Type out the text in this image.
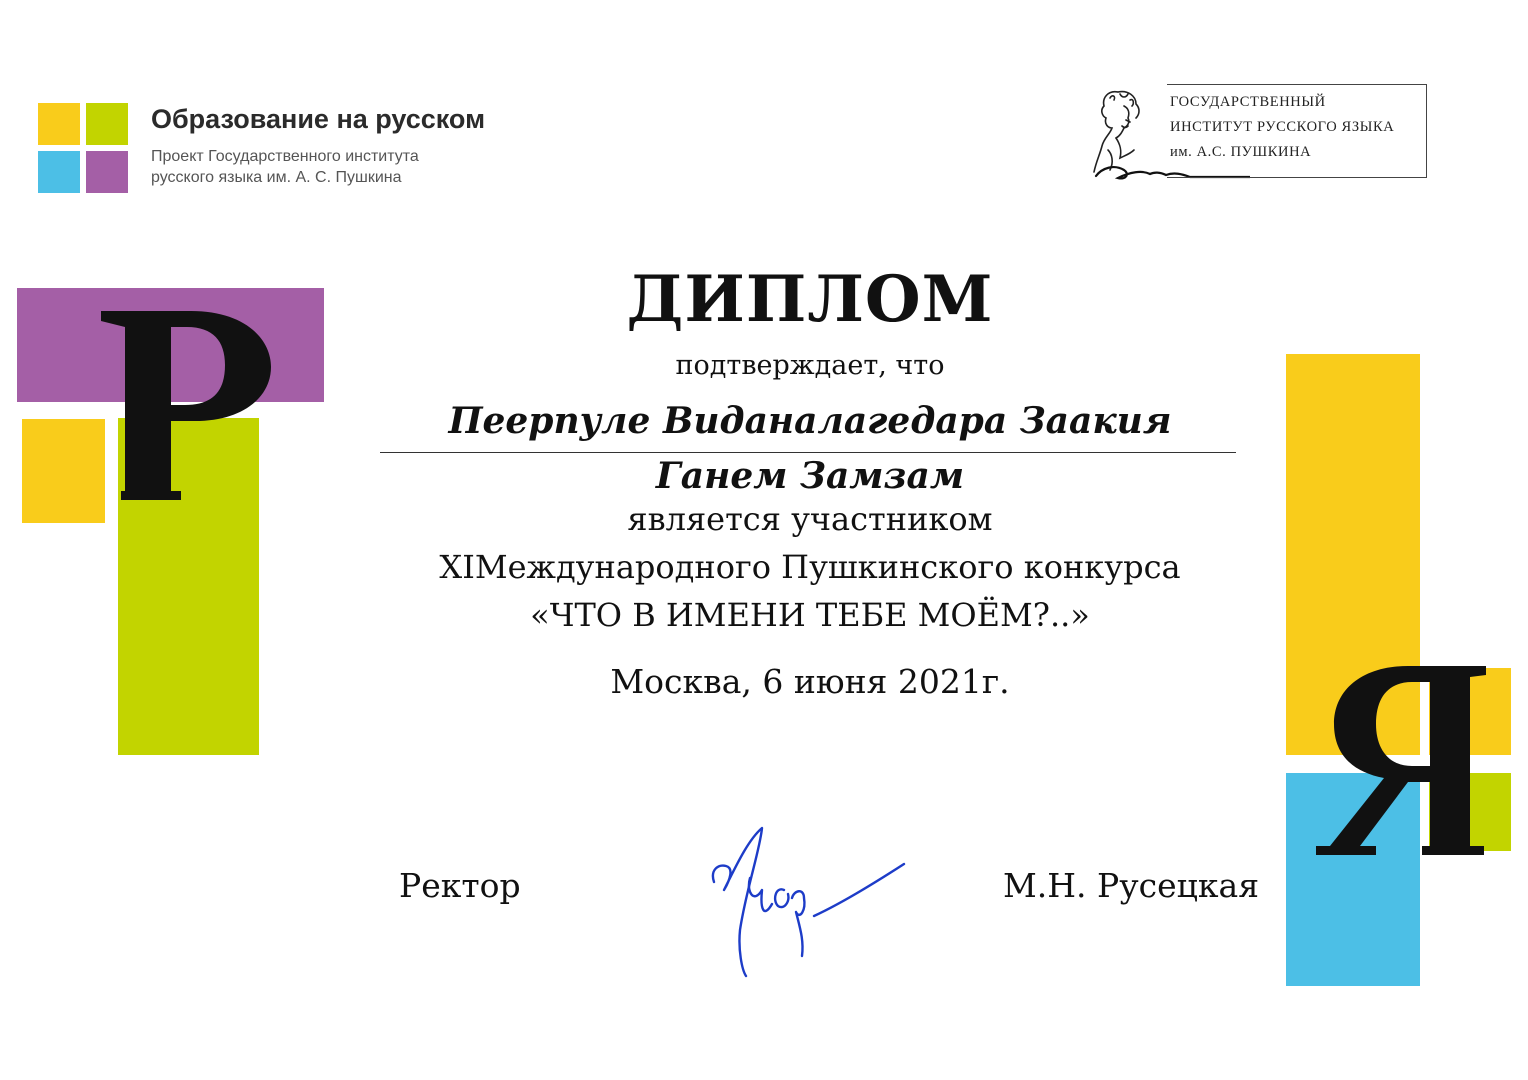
Образование на русском
Проект Государственного института
русского языка им. А. С. Пушкина
ГОСУДАРСТВЕННЫЙ
ИНСТИТУТ РУССКОГО ЯЗЫКА
им. А.С. ПУШКИНА
ДИПЛОМ
подтверждает, что
Пеерпуле Виданалагедара Заакия
Ганем Замзам
является участником
XIМеждународного Пушкинского конкурса
«ЧТО В ИМЕНИ ТЕБЕ МОЁМ?..»
Москва, 6 июня 2021г.
Ректор	М.Н. Русецкая
